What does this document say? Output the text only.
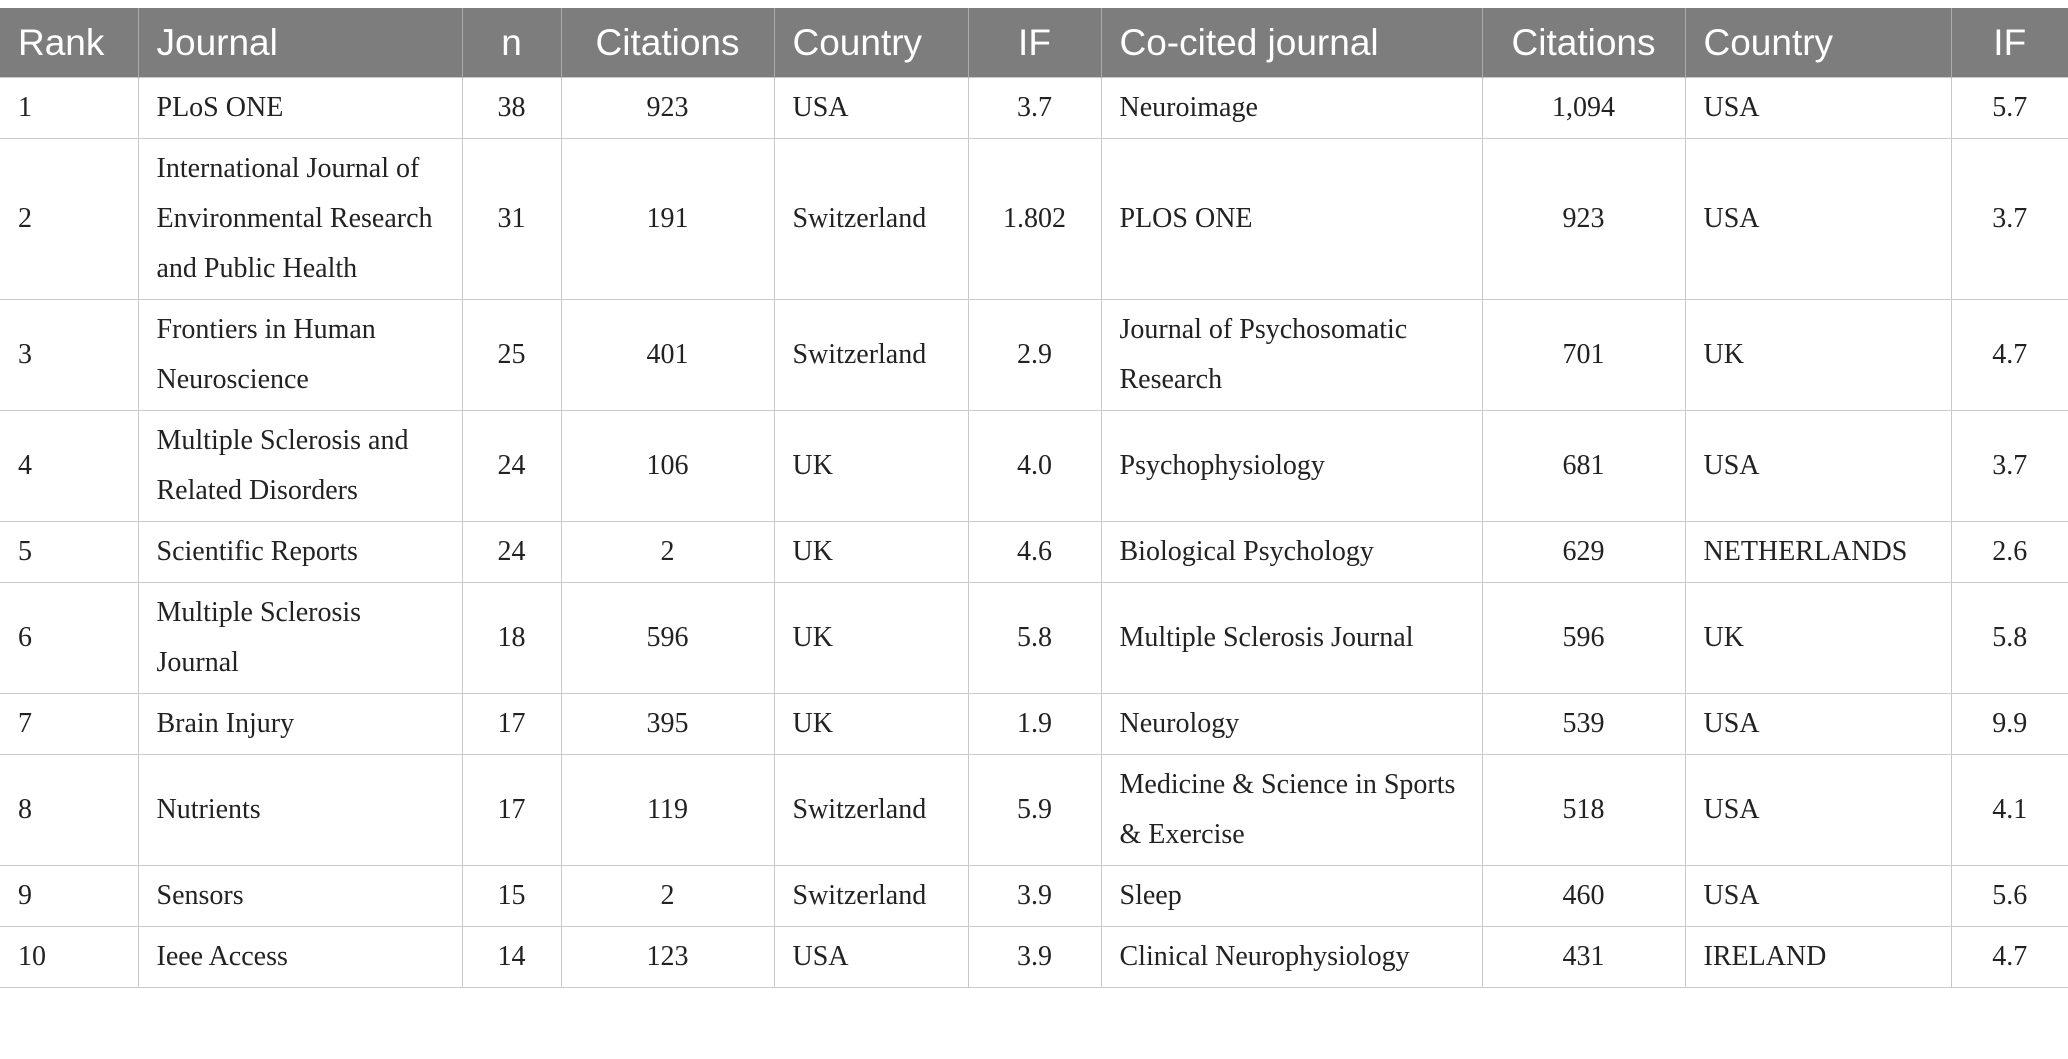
Rank	Journal	n	Citations	Country	IF	Co-cited journal	Citations	Country	IF
1	PLoS ONE	38	923	USA	3.7	Neuroimage	1,094	USA	5.7
2	International Journal of Environmental Research and Public Health	31	191	Switzerland	1.802	PLOS ONE	923	USA	3.7
3	Frontiers in Human Neuroscience	25	401	Switzerland	2.9	Journal of Psychosomatic Research	701	UK	4.7
4	Multiple Sclerosis and Related Disorders	24	106	UK	4.0	Psychophysiology	681	USA	3.7
5	Scientific Reports	24	2	UK	4.6	Biological Psychology	629	NETHERLANDS	2.6
6	Multiple Sclerosis Journal	18	596	UK	5.8	Multiple Sclerosis Journal	596	UK	5.8
7	Brain Injury	17	395	UK	1.9	Neurology	539	USA	9.9
8	Nutrients	17	119	Switzerland	5.9	Medicine & Science in Sports & Exercise	518	USA	4.1
9	Sensors	15	2	Switzerland	3.9	Sleep	460	USA	5.6
10	Ieee Access	14	123	USA	3.9	Clinical Neurophysiology	431	IRELAND	4.7
